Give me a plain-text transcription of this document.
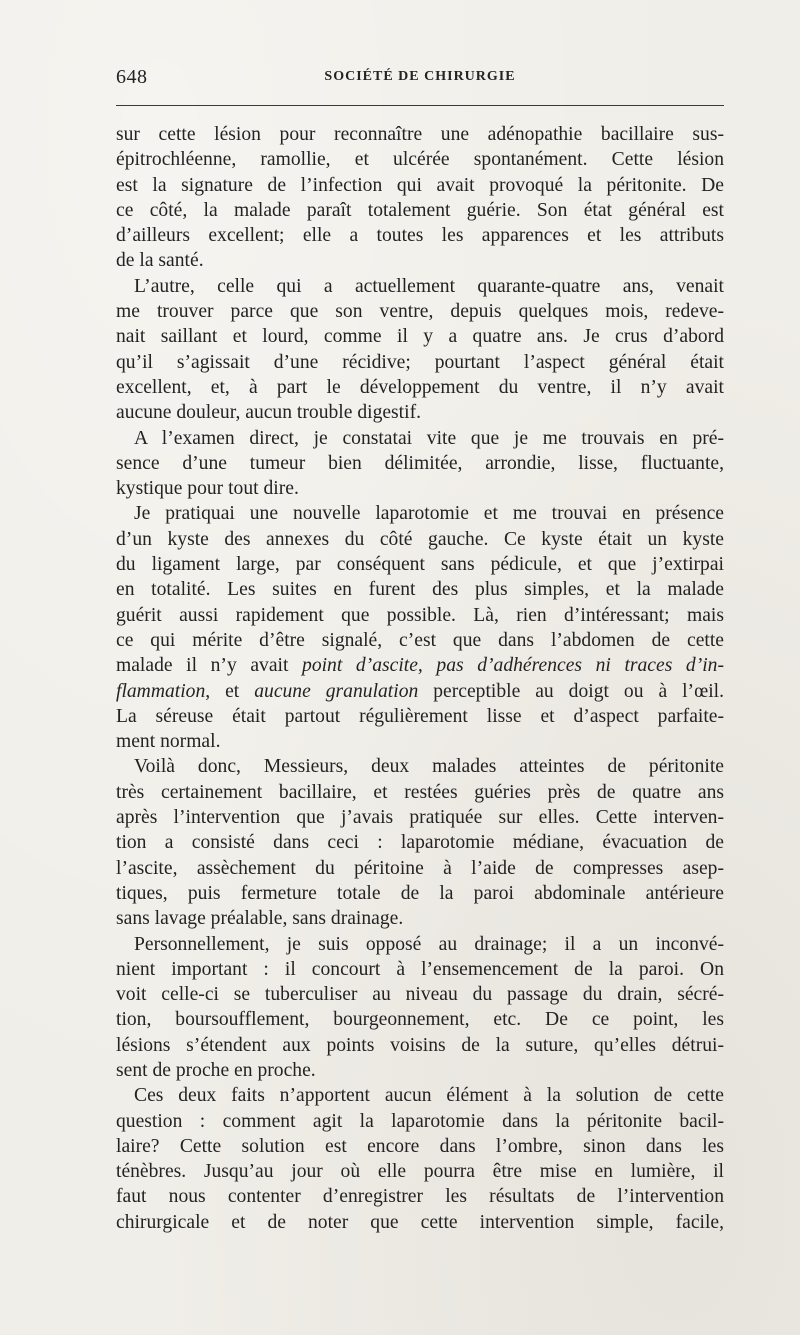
648	SOCIÉTÉ DE CHIRURGIE
sur cette lésion pour reconnaître une adénopathie bacillaire sus-
épitrochléenne, ramollie, et ulcérée spontanément. Cette lésion
est la signature de l’infection qui avait provoqué la péritonite. De
ce côté, la malade paraît totalement guérie. Son état général est
d’ailleurs excellent; elle a toutes les apparences et les attributs
de la santé.
L’autre, celle qui a actuellement quarante-quatre ans, venait
me trouver parce que son ventre, depuis quelques mois, redeve-
nait saillant et lourd, comme il y a quatre ans. Je crus d’abord
qu’il s’agissait d’une récidive; pourtant l’aspect général était
excellent, et, à part le développement du ventre, il n’y avait
aucune douleur, aucun trouble digestif.
A l’examen direct, je constatai vite que je me trouvais en pré-
sence d’une tumeur bien délimitée, arrondie, lisse, fluctuante,
kystique pour tout dire.
Je pratiquai une nouvelle laparotomie et me trouvai en présence
d’un kyste des annexes du côté gauche. Ce kyste était un kyste
du ligament large, par conséquent sans pédicule, et que j’extirpai
en totalité. Les suites en furent des plus simples, et la malade
guérit aussi rapidement que possible. Là, rien d’intéressant; mais
ce qui mérite d’être signalé, c’est que dans l’abdomen de cette
malade il n’y avait point d’ascite, pas d’adhérences ni traces d’in-
flammation, et aucune granulation perceptible au doigt ou à l’œil.
La séreuse était partout régulièrement lisse et d’aspect parfaite-
ment normal.
Voilà donc, Messieurs, deux malades atteintes de péritonite
très certainement bacillaire, et restées guéries près de quatre ans
après l’intervention que j’avais pratiquée sur elles. Cette interven-
tion a consisté dans ceci : laparotomie médiane, évacuation de
l’ascite, assèchement du péritoine à l’aide de compresses asep-
tiques, puis fermeture totale de la paroi abdominale antérieure
sans lavage préalable, sans drainage.
Personnellement, je suis opposé au drainage; il a un inconvé-
nient important : il concourt à l’ensemencement de la paroi. On
voit celle-ci se tuberculiser au niveau du passage du drain, sécré-
tion, boursoufflement, bourgeonnement, etc. De ce point, les
lésions s’étendent aux points voisins de la suture, qu’elles détrui-
sent de proche en proche.
Ces deux faits n’apportent aucun élément à la solution de cette
question : comment agit la laparotomie dans la péritonite bacil-
laire? Cette solution est encore dans l’ombre, sinon dans les
ténèbres. Jusqu’au jour où elle pourra être mise en lumière, il
faut nous contenter d’enregistrer les résultats de l’intervention
chirurgicale et de noter que cette intervention simple, facile,
